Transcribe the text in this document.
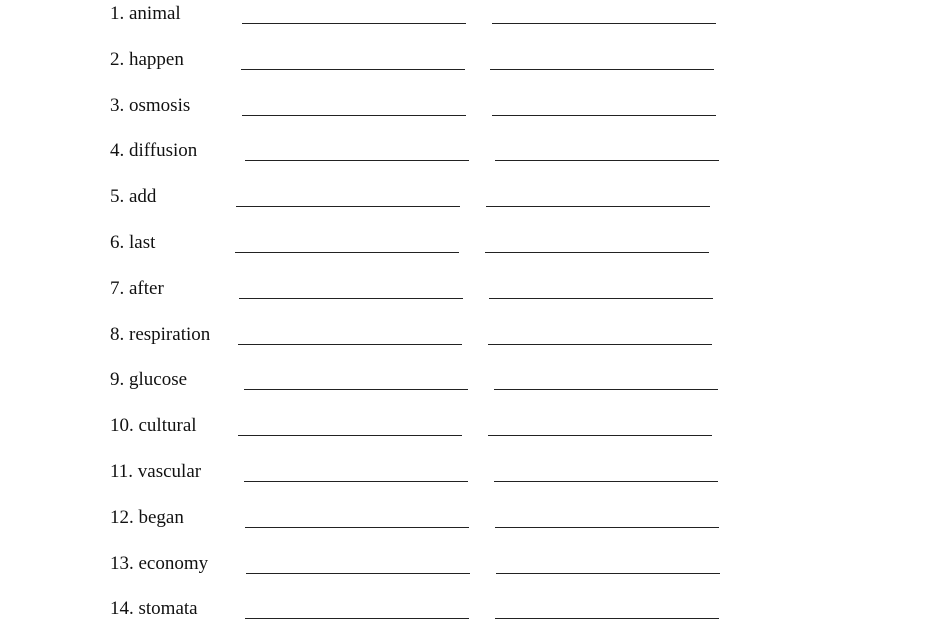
1. animal
2. happen
3. osmosis
4. diffusion
5. add
6. last
7. after
8. respiration
9. glucose
10. cultural
11. vascular
12. began
13. economy
14. stomata
